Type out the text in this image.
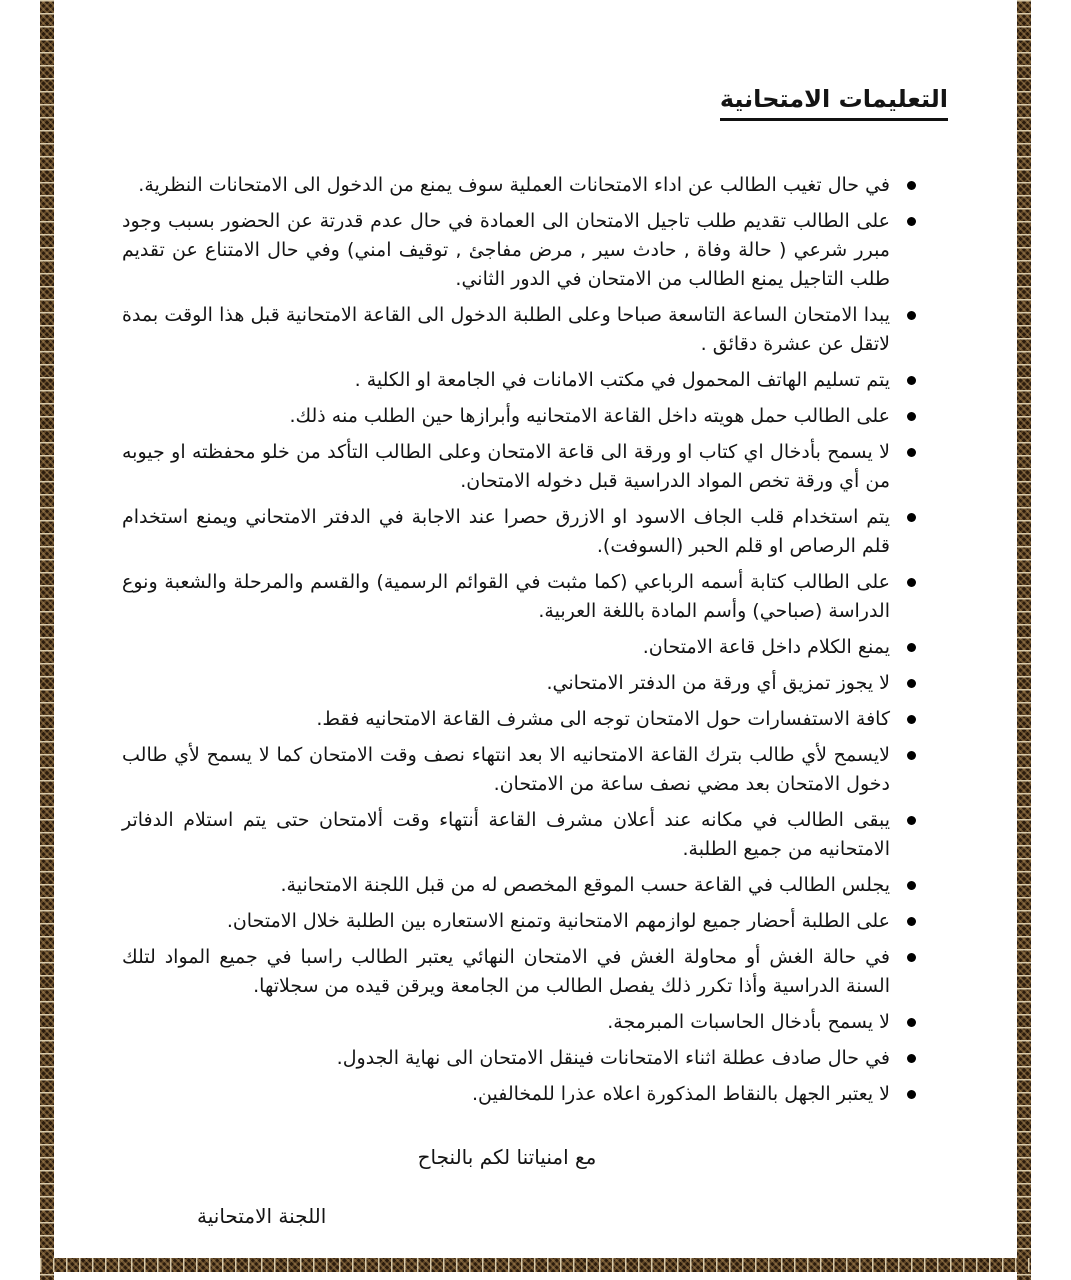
التعليمات الامتحانية
في حال تغيب الطالب عن اداء الامتحانات العملية سوف يمنع من الدخول الى الامتحانات النظرية.
على الطالب تقديم طلب تاجيل الامتحان الى العمادة في حال عدم قدرتة عن الحضور بسبب وجود مبرر شرعي ( حالة وفاة , حادث سير , مرض مفاجئ , توقيف امني) وفي حال الامتناع عن تقديم طلب التاجيل يمنع الطالب من الامتحان في الدور الثاني.
يبدا الامتحان الساعة التاسعة صباحا وعلى الطلبة الدخول الى القاعة الامتحانية قبل هذا الوقت بمدة لاتقل عن عشرة دقائق .
يتم تسليم الهاتف المحمول في مكتب الامانات في الجامعة او الكلية .
على الطالب حمل هويته داخل القاعة الامتحانيه وأبرازها حين الطلب منه ذلك.
لا يسمح بأدخال اي كتاب او ورقة الى قاعة الامتحان وعلى الطالب التأكد من خلو محفظته او جيوبه من أي ورقة تخص المواد الدراسية قبل دخوله الامتحان.
يتم استخدام قلب الجاف الاسود او الازرق حصرا عند الاجابة في الدفتر الامتحاني ويمنع استخدام قلم الرصاص او قلم الحبر (السوفت).
على الطالب كتابة أسمه الرباعي (كما مثبت في القوائم الرسمية) والقسم والمرحلة والشعبة ونوع الدراسة (صباحي) وأسم المادة باللغة العربية.
يمنع الكلام داخل قاعة الامتحان.
لا يجوز تمزيق أي ورقة من الدفتر الامتحاني.
كافة الاستفسارات حول الامتحان توجه الى مشرف القاعة الامتحانيه فقط.
لايسمح لأي طالب بترك القاعة الامتحانيه الا بعد انتهاء نصف وقت الامتحان كما لا يسمح لأي طالب دخول الامتحان بعد مضي نصف ساعة من الامتحان.
يبقى الطالب في مكانه عند أعلان مشرف القاعة أنتهاء وقت ألامتحان حتى يتم استلام الدفاتر الامتحانيه من جميع الطلبة.
يجلس الطالب في القاعة حسب الموقع المخصص له من قبل اللجنة الامتحانية.
على الطلبة أحضار جميع لوازمهم الامتحانية وتمنع الاستعاره بين الطلبة خلال الامتحان.
في حالة الغش أو محاولة الغش في الامتحان النهائي يعتبر الطالب راسبا في جميع المواد لتلك السنة الدراسية وأذا تكرر ذلك يفصل الطالب من الجامعة ويرقن قيده من سجلاتها.
لا يسمح بأدخال الحاسبات المبرمجة.
في حال صادف عطلة اثناء الامتحانات فينقل الامتحان الى نهاية الجدول.
لا يعتبر الجهل بالنقاط المذكورة اعلاه عذرا للمخالفين.
مع امنياتنا لكم بالنجاح
اللجنة الامتحانية
